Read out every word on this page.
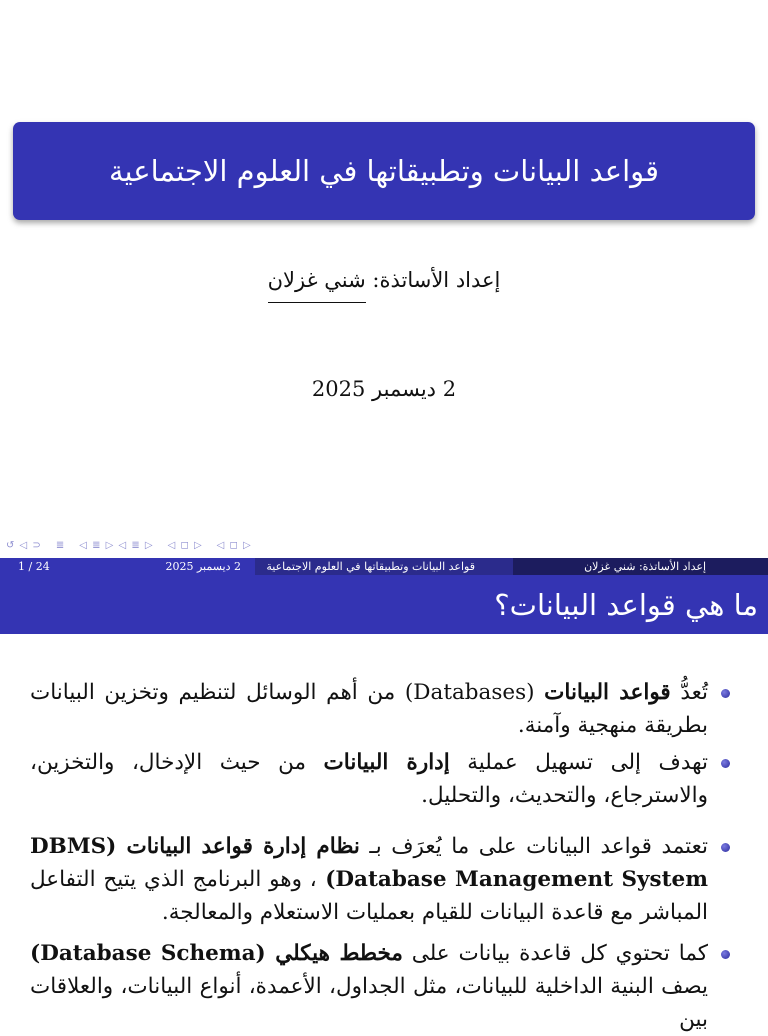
قواعد البيانات وتطبيقاتها في العلوم الاجتماعية
إعداد الأساتذة: شني غزلان
2 ديسمبر 2025
↺ ◁ ⊃ ≣ ◁ ≣ ▷ ◁ ≣ ▷ ◁ ◻ ▷ ◁ ◻ ▷
إعداد الأساتذة: شني غزلان
قواعد البيانات وتطبيقاتها في العلوم الاجتماعية
2 ديسمبر 2025
24 / 1
ما هي قواعد البيانات؟
تُعدُّ قواعد البيانات (Databases) من أهم الوسائل لتنظيم وتخزين البيانات بطريقة منهجية وآمنة.
تهدف إلى تسهيل عملية إدارة البيانات من حيث الإدخال، والتخزين، والاسترجاع، والتحديث، والتحليل.
تعتمد قواعد البيانات على ما يُعرَف بـ نظام إدارة قواعد البيانات (DBMS Database Management System) ، وهو البرنامج الذي يتيح التفاعل المباشر مع قاعدة البيانات للقيام بعمليات الاستعلام والمعالجة.
كما تحتوي كل قاعدة بيانات على مخطط هيكلي (Database Schema) يصف البنية الداخلية للبيانات، مثل الجداول، الأعمدة، أنواع البيانات، والعلاقات بين
